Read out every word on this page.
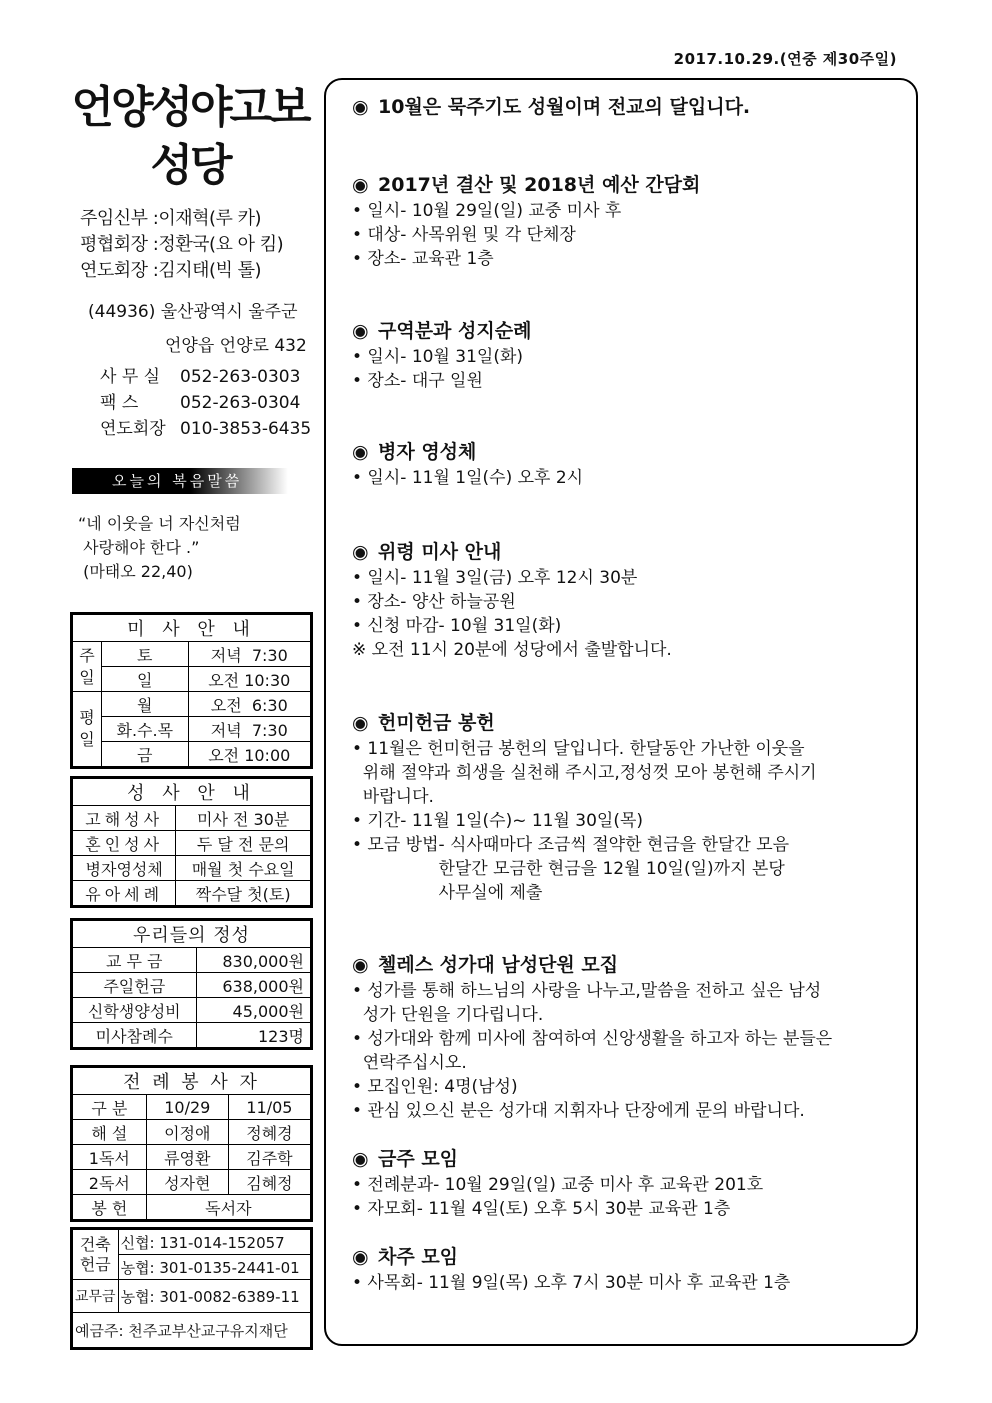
2017.10.29.(연중 제30주일)
언양성야고보
성당
주임신부 :이재혁(루 카)
평협회장 :정환국(요 아 킴)
연도회장 :김지태(빅 톨)
(44936) 울산광역시 울주군
언양읍 언양로 432
사 무 실	052-263-0303
팩 스	052-263-0304
연도회장 010-3853-6435
오늘의 복음말씀
“네 이웃을 너 자신처럼
사랑해야 한다 .”
(마태오 22,40)
미 사 안 내		
주일	토	저녁  7:30
	일	오전 10:30
평일	월	오전  6:30
	화.수.목	저녁  7:30
	금	오전 10:00
성 사 안 내	
고해성사	미사 전 30분
혼인성사	두 달 전 문의
병자영성체	매월 첫 수요일
유아세례	짝수달 첫(토)
우리들의 정성	
교 무 금	830,000원
주일헌금	638,000원
신학생양성비	45,000원
미사참례수	123명
전 례 봉 사 자		
구 분	10/29	11/05
해 설	이정애	정혜경
1독서	류영환	김주학
2독서	성자현	김혜정
봉 헌	독서자	
건축헌금	신협: 131-014-152057
	농협: 301-0135-2441-01
교무금	농협: 301-0082-6389-11
예금주: 천주교부산교구유지재단	
◉ 10월은 묵주기도 성월이며 전교의 달입니다.
◉ 2017년 결산 및 2018년 예산 간담회
• 일시- 10월 29일(일) 교중 미사 후
• 대상- 사목위원 및 각 단체장
• 장소- 교육관 1층
◉ 구역분과 성지순례
• 일시- 10월 31일(화)
• 장소- 대구 일원
◉ 병자 영성체
• 일시- 11월 1일(수) 오후 2시
◉ 위령 미사 안내
• 일시- 11월 3일(금) 오후 12시 30분
• 장소- 양산 하늘공원
• 신청 마감- 10월 31일(화)
※ 오전 11시 20분에 성당에서 출발합니다.
◉ 헌미헌금 봉헌
• 11월은 헌미헌금 봉헌의 달입니다. 한달동안 가난한 이웃을
위해 절약과 희생을 실천해 주시고,정성껏 모아 봉헌해 주시기
바랍니다.
• 기간- 11월 1일(수)~ 11월 30일(목)
• 모금 방법- 식사때마다 조금씩 절약한 현금을 한달간 모음
한달간 모금한 현금을 12월 10일(일)까지 본당
사무실에 제출
◉ 첼레스 성가대 남성단원 모집
• 성가를 통해 하느님의 사랑을 나누고,말씀을 전하고 싶은 남성
성가 단원을 기다립니다.
• 성가대와 함께 미사에 참여하여 신앙생활을 하고자 하는 분들은
연락주십시오.
• 모집인원: 4명(남성)
• 관심 있으신 분은 성가대 지휘자나 단장에게 문의 바랍니다.
◉ 금주 모임
• 전례분과- 10월 29일(일) 교중 미사 후 교육관 201호
• 자모회- 11월 4일(토) 오후 5시 30분 교육관 1층
◉ 차주 모임
• 사목회- 11월 9일(목) 오후 7시 30분 미사 후 교육관 1층
